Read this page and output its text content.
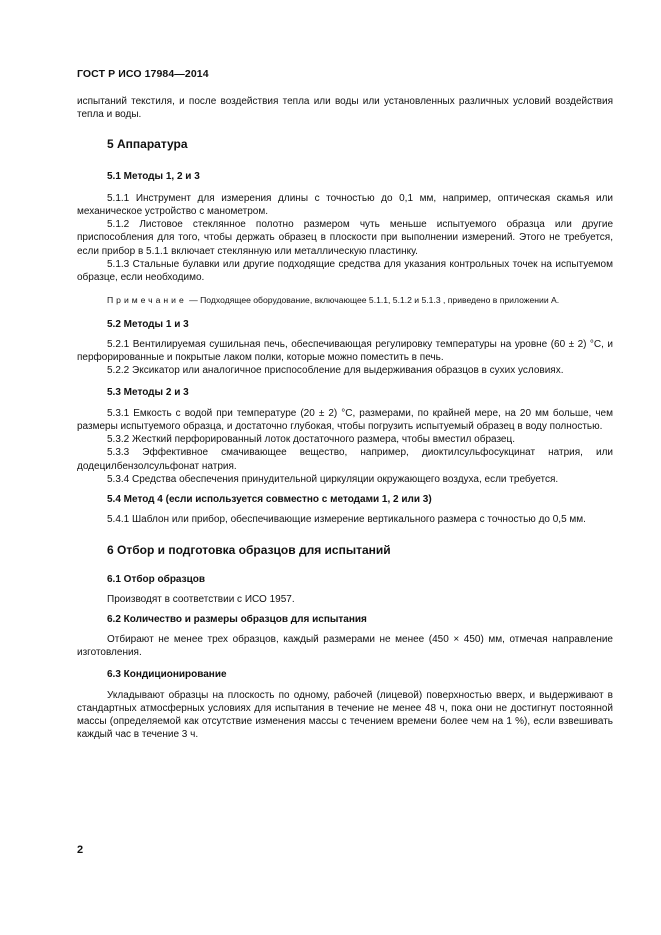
ГОСТ Р ИСО 17984—2014

испытаний текстиля, и после воздействия тепла или воды или установленных различных условий воздействия тепла и воды.

5 Аппаратура
5.1 Методы 1, 2 и 3

5.1.1 Инструмент для измерения длины с точностью до 0,1 мм, например, оптическая скамья или механическое устройство с манометром.

5.1.2 Листовое стеклянное полотно размером чуть меньше испытуемого образца или другие приспособления для того, чтобы держать образец в плоскости при выполнении измерений. Этого не требуется, если прибор в 5.1.1 включает стеклянную или металлическую пластинку.

5.1.3 Стальные булавки или другие подходящие средства для указания контрольных точек на испытуемом образце, если необходимо.

Примечание — Подходящее оборудование, включающее 5.1.1, 5.1.2 и 5.1.3 , приведено в приложении А.

5.2 Методы 1 и 3

5.2.1 Вентилируемая сушильная печь, обеспечивающая регулировку температуры на уровне (60 ± 2) °С, и перфорированные и покрытые лаком полки, которые можно поместить в печь.

5.2.2 Эксикатор или аналогичное приспособление для выдерживания образцов в сухих условиях.

5.3 Методы 2 и 3

5.3.1 Емкость с водой при температуре (20 ± 2) °С, размерами, по крайней мере, на 20 мм больше, чем размеры испытуемого образца, и достаточно глубокая, чтобы погрузить испытуемый образец в воду полностью.

5.3.2 Жесткий перфорированный лоток достаточного размера, чтобы вместил образец.

5.3.3 Эффективное смачивающее вещество, например, диоктилсульфосукцинат натрия, или додецилбензолсульфонат натрия.

5.3.4 Средства обеспечения принудительной циркуляции окружающего воздуха, если требуется.

5.4 Метод 4 (если используется совместно с методами 1, 2 или 3)

5.4.1 Шаблон или прибор, обеспечивающие измерение вертикального размера с точностью до 0,5 мм.

6 Отбор и подготовка образцов для испытаний
6.1 Отбор образцов

Производят в соответствии с ИСО 1957.

6.2 Количество и размеры образцов для испытания

Отбирают не менее трех образцов, каждый размерами не менее (450 × 450) мм, отмечая направление изготовления.

6.3 Кондиционирование

Укладывают образцы на плоскость по одному, рабочей (лицевой) поверхностью вверх, и выдерживают в стандартных атмосферных условиях для испытания в течение не менее 48 ч, пока они не достигнут постоянной массы (определяемой как отсутствие изменения массы с течением времени более чем на 1 %), если взвешивать каждый час в течение 3 ч.

2
